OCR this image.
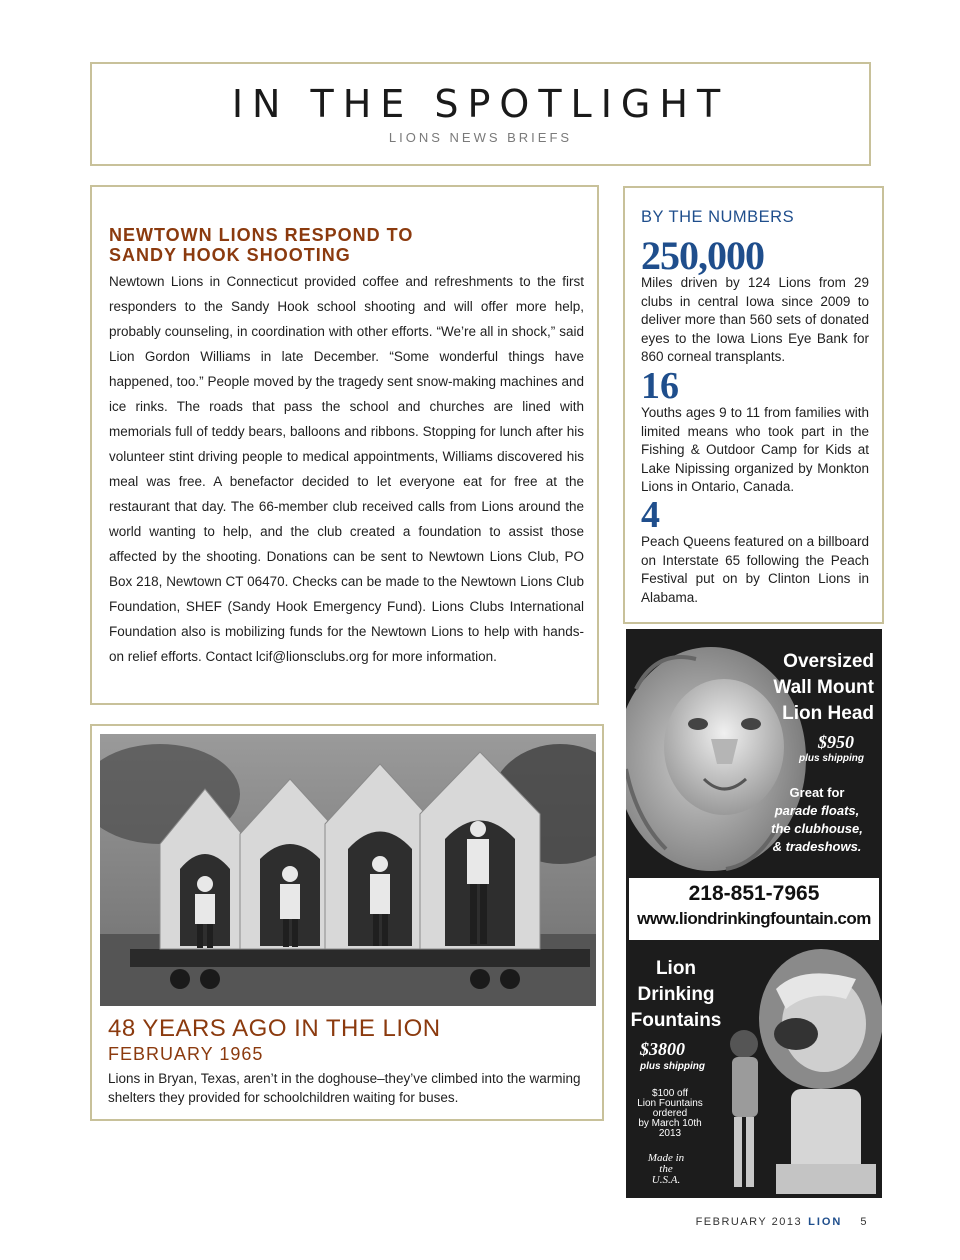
IN THE SPOTLIGHT
LIONS NEWS BRIEFS
NEWTOWN LIONS RESPOND TO
SANDY HOOK SHOOTING

Newtown Lions in Connecticut provided coffee and refreshments to the first responders to the Sandy Hook school shooting and will offer more help, probably counseling, in coordination with other efforts. “We’re all in shock,” said Lion Gordon Williams in late December. “Some wonderful things have happened, too.” People moved by the tragedy sent snow-making machines and ice rinks. The roads that pass the school and churches are lined with memorials full of teddy bears, balloons and ribbons. Stopping for lunch after his volunteer stint driving people to medical appointments, Williams discovered his meal was free. A benefactor decided to let everyone eat for free at the restaurant that day. The 66-member club received calls from Lions around the world wanting to help, and the club created a foundation to assist those affected by the shooting. Donations can be sent to Newtown Lions Club, PO Box 218, Newtown CT 06470. Checks can be made to the Newtown Lions Club Foundation, SHEF (Sandy Hook Emergency Fund). Lions Clubs International Foundation also is mobilizing funds for the Newtown Lions to help with hands-on relief efforts. Contact lcif@lionsclubs.org for more information.

BY THE NUMBERS
250,000

Miles driven by 124 Lions from 29 clubs in central Iowa since 2009 to deliver more than 560 sets of donated eyes to the Iowa Lions Eye Bank for 860 corneal transplants.

16

Youths ages 9 to 11 from families with limited means who took part in the Fishing & Outdoor Camp for Kids at Lake Nipissing organized by Monkton Lions in Ontario, Canada.

4

Peach Queens featured on a billboard on Interstate 65 following the Peach Festival put on by Clinton Lions in Alabama.

48 YEARS AGO IN THE LION
FEBRUARY 1965

Lions in Bryan, Texas, aren’t in the doghouse–they’ve climbed into the warming shelters they provided for schoolchildren waiting for buses.

Oversized
Wall Mount
Lion Head
$950
plus shipping
Great for
parade floats,
the clubhouse,
& tradeshows.
218-851-7965
www.liondrinkingfountain.com
Lion
Drinking
Fountains
$3800
plus shipping
$100 off
Lion Fountains
ordered
by March 10th
2013
Made in
the
U.S.A.
FEBRUARY 2013 LION 5
